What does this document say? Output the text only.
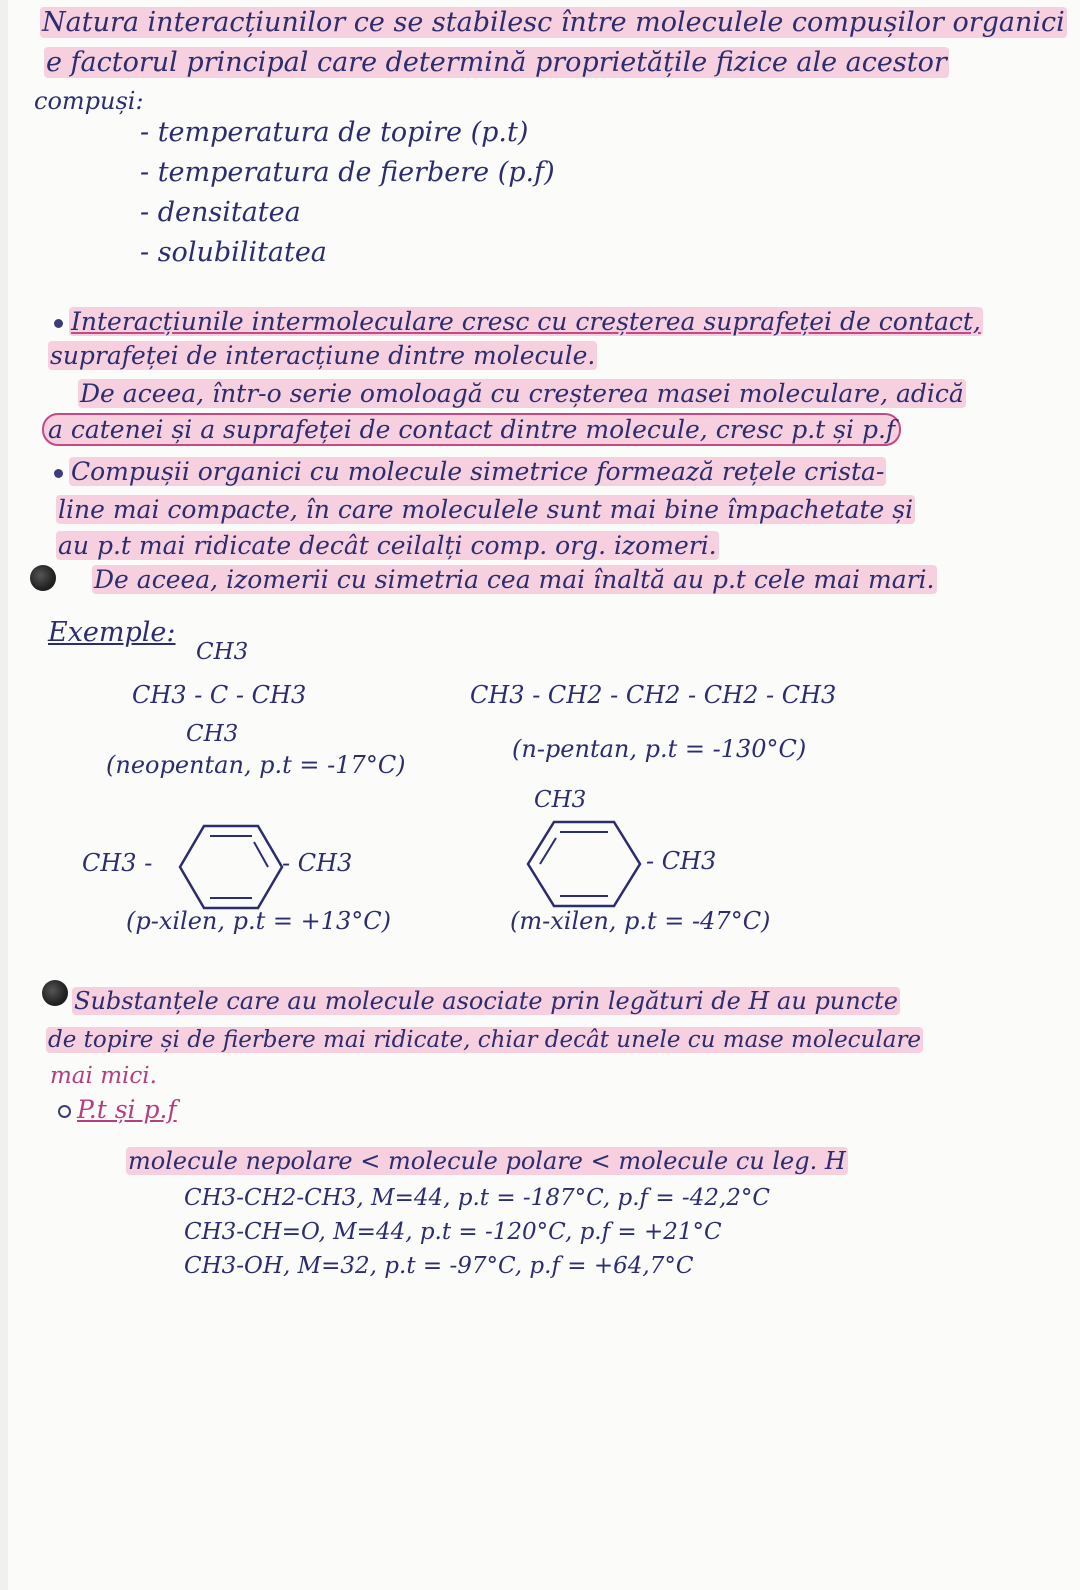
Natura interacțiunilor ce se stabilesc între moleculele compușilor organici
e factorul principal care determină proprietățile fizice ale acestor
compuși:
- temperatura de topire (p.t)
- temperatura de fierbere (p.f)
- densitatea
- solubilitatea
Interacțiunile intermoleculare cresc cu creșterea suprafeței de contact,
suprafeței de interacțiune dintre molecule.
De aceea, într-o serie omoloagă cu creșterea masei moleculare, adică
a catenei și a suprafeței de contact dintre molecule, cresc p.t și p.f
Compușii organici cu molecule simetrice formează rețele crista-
line mai compacte, în care moleculele sunt mai bine împachetate și
au p.t mai ridicate decât ceilalți comp. org. izomeri.
De aceea, izomerii cu simetria cea mai înaltă au p.t cele mai mari.
Exemple:
CH3
CH3 - C - CH3
CH3
(neopentan, p.t = -17°C)
CH3 - CH2 - CH2 - CH2 - CH3
(n-pentan, p.t = -130°C)
CH3 -	- CH3
(p-xilen, p.t = +13°C)
CH3
- CH3
(m-xilen, p.t = -47°C)
Substanțele care au molecule asociate prin legături de H au puncte
de topire și de fierbere mai ridicate, chiar decât unele cu mase moleculare
mai mici.
P.t și p.f
molecule nepolare < molecule polare < molecule cu leg. H
CH3-CH2-CH3, M=44, p.t = -187°C, p.f = -42,2°C
CH3-CH=O, M=44, p.t = -120°C, p.f = +21°C
CH3-OH, M=32, p.t = -97°C, p.f = +64,7°C
